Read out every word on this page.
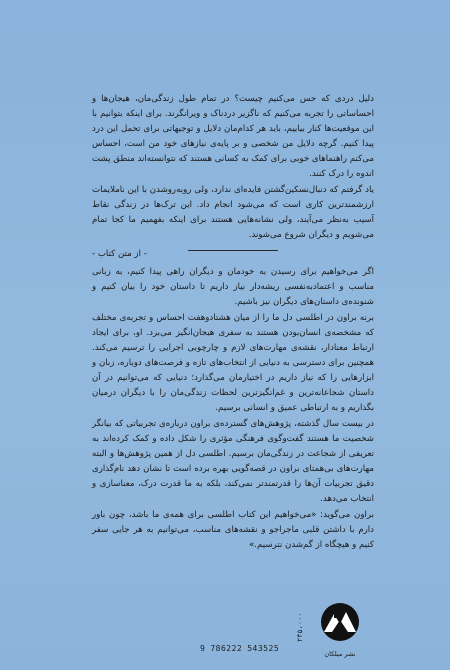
دلیل دردی که حس می‌کنیم چیست؟ در تمام طول زندگی‌مان، هیجان‌ها و احساساتی را تجربه می‌کنیم که ناگزیر دردناک و ویرانگرند. برای اینکه بتوانیم با این موقعیت‌ها کنار بیاییم، باید هر کدام‌مان دلایل و توجیهاتی برای تحمل این درد پیدا کنیم. گرچه دلایل من شخصی و بر پایه‌ی نیازهای خود من است، احساس می‌کنم راهنماهای خوبی برای کمک به کسانی هستند که نتوانسته‌اند منطق پشت اندوه را درک کنند.

یاد گرفتم که دنبال‌نسکین‌گشتن فایده‌ای ندارد، ولی روبه‌روشدن با این ناملایمات ارزشمندترین کاری است که می‌شود انجام داد. این ترک‌ها در زندگی نقاط آسیب به‌نظر می‌آیند، ولی نشانه‌هایی هستند برای اینکه بفهمیم ما کجا تمام می‌شویم و دیگران شروع می‌شوند.

- از متن کتاب -

اگر می‌خواهیم برای رسیدن به خودمان و دیگران راهی پیدا کنیم، به زبانی مناسب و اعتمادبه‌نفسی ریشه‌دار نیاز داریم تا داستان خود را بیان کنیم و شنونده‌ی داستان‌های دیگران نیز باشیم.

برنه براون در اطلسی دل ما را از میان هشتادوهفت احساس و تجربه‌ی مختلف که مشخصه‌ی انسان‌بودن هستند به سفری هیجان‌انگیز می‌برد. او، برای ایجاد ارتباط معنادار، نقشه‌ی مهارت‌های لازم و چارچوبی اجرایی را ترسیم می‌کند. همچنین برای دسترسی به دنیایی از انتخاب‌های تازه و فرصت‌های دوباره، زبان و ابزارهایی را که نیاز داریم در اختیارمان می‌گذارد؛ دنیایی که می‌توانیم در آن داستان شجاعانه‌ترین و غم‌انگیزترین لحظات زندگی‌مان را با دیگران درمیان بگذاریم و به ارتباطی عمیق و انسانی برسیم.

در بیست سال گذشته، پژوهش‌های گسترده‌ی براون درباره‌ی تجربیاتی که بیانگر شخصیت ما هستند گفت‌وگوی فرهنگی مؤثری را شکل داده و کمک کرده‌اند به تعریفی از شجاعت در زندگی‌مان برسیم. اطلسی دل از همین پژوهش‌ها و البته مهارت‌های بی‌همتای براون در قصه‌گویی بهره برده است تا نشان دهد نام‌گذاری دقیق تجربیات آن‌ها را قدرتمندتر نمی‌کند، بلکه به ما قدرت درک، معناسازی و انتخاب می‌دهد.

براون می‌گوید: «می‌خواهیم این کتاب اطلسی برای همه‌ی ما باشد، چون باور دارم با داشتن قلبی ماجراجو و نقشه‌های مناسب، می‌توانیم به هر جایی سفر کنیم و هیچگاه از گم‌شدن نترسیم.»

۲۴۵،۰۰۰
9 786222 543525
نشر میلکان
